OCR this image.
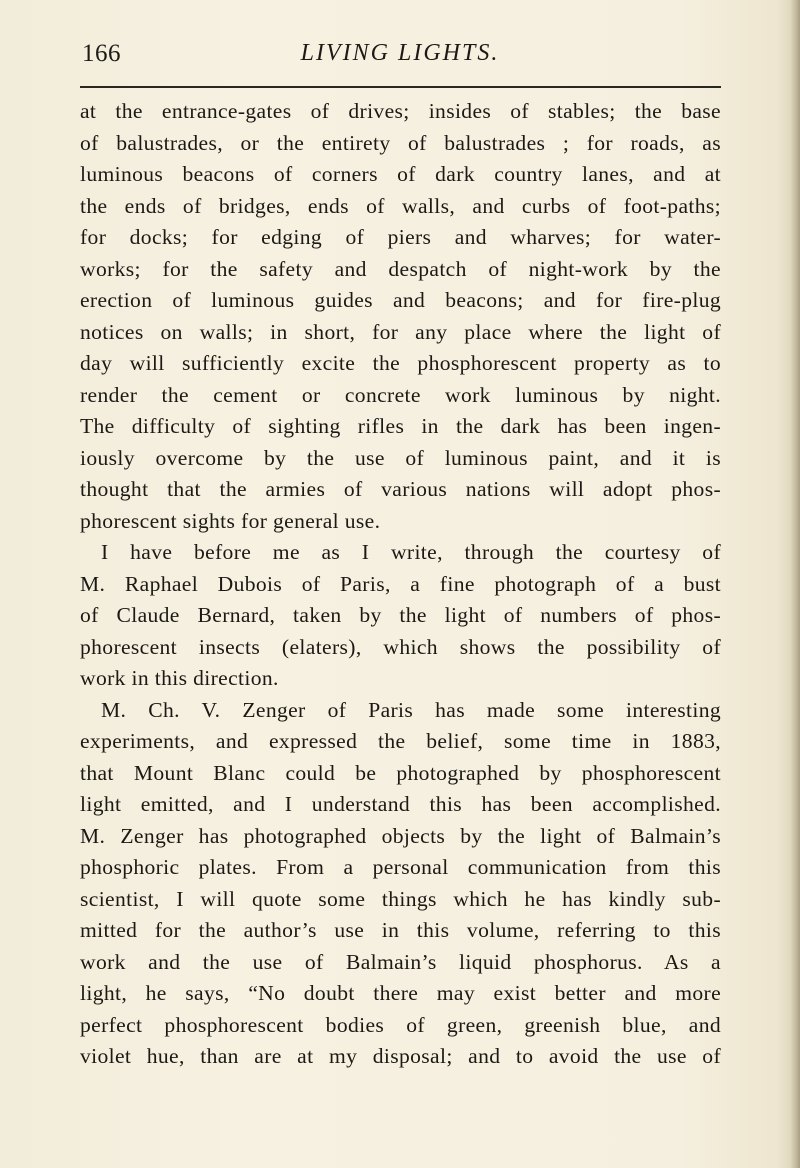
166	LIVING LIGHTS.
at the entrance-gates of drives; insides of stables; the base
of balustrades, or the entirety of balustrades ; for roads, as
luminous beacons of corners of dark country lanes, and at
the ends of bridges, ends of walls, and curbs of foot-paths;
for docks; for edging of piers and wharves; for water-
works; for the safety and despatch of night-work by the
erection of luminous guides and beacons; and for fire-plug
notices on walls; in short, for any place where the light of
day will sufficiently excite the phosphorescent property as to
render the cement or concrete work luminous by night.
The difficulty of sighting rifles in the dark has been ingen-
iously overcome by the use of luminous paint, and it is
thought that the armies of various nations will adopt phos-
phorescent sights for general use.
I have before me as I write, through the courtesy of
M. Raphael Dubois of Paris, a fine photograph of a bust
of Claude Bernard, taken by the light of numbers of phos-
phorescent insects (elaters), which shows the possibility of
work in this direction.
M. Ch. V. Zenger of Paris has made some interesting
experiments, and expressed the belief, some time in 1883,
that Mount Blanc could be photographed by phosphorescent
light emitted, and I understand this has been accomplished.
M. Zenger has photographed objects by the light of Balmain’s
phosphoric plates. From a personal communication from this
scientist, I will quote some things which he has kindly sub-
mitted for the author’s use in this volume, referring to this
work and the use of Balmain’s liquid phosphorus. As a
light, he says, “No doubt there may exist better and more
perfect phosphorescent bodies of green, greenish blue, and
violet hue, than are at my disposal; and to avoid the use of
